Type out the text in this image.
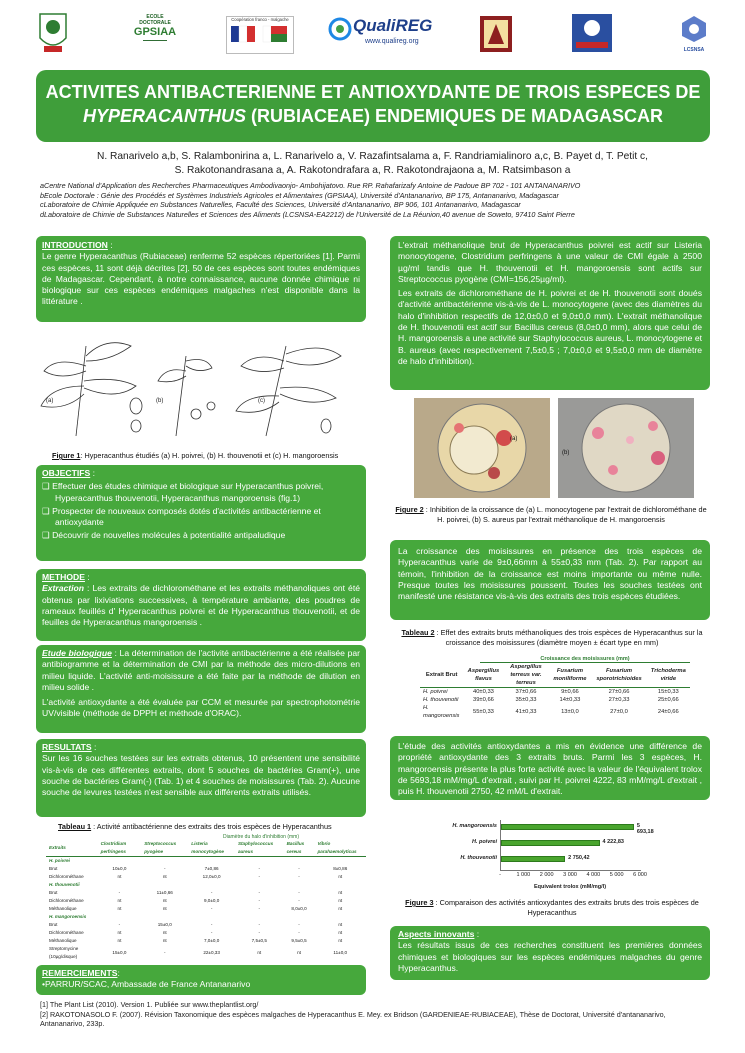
ECOLE DOCTORALE
GPSIAA
▬▬▬▬▬▬▬▬
Coopération franco - malgache	QualiREG
www.qualireg.org
LCSNSA
ACTIVITES ANTIBACTERIENNE ET ANTIOXYDANTE DE TROIS ESPECES DE
HYPERACANTHUS (RUBIACEAE) ENDEMIQUES DE MADAGASCAR
N. Ranarivelo a,b, S. Ralambonirina a, L. Ranarivelo a, V. Razafintsalama a, F. Randriamialinoro a,c, B. Payet d, T. Petit c,
S. Rakotonandrasana a, A. Rakotondrafara a, R. Rakotondrajaona a, M. Ratsimbason a
aCentre National d'Application des Recherches Pharmaceutiques Ambodivaonjo- Ambohijatovo. Rue RP. Rahafarizafy Antoine de Padoue BP 702 - 101 ANTANANARIVO
bEcole Doctorale : Génie des Procédés et Systèmes Industriels Agricoles et Alimentaires (GPSIAA), Université d'Antananarivo, BP 175, Antananarivo, Madagascar
cLaboratoire de Chimie Appliquée en Substances Naturelles, Faculté des Sciences, Université d'Antananarivo, BP 906, 101 Antananarivo, Madagascar
dLaboratoire de Chimie de Substances Naturelles et Sciences des Aliments (LCSNSA-EA2212) de l'Université de La Réunion,40 avenue de Soweto, 97410 Saint Pierre
INTRODUCTION :
Le genre Hyperacanthus (Rubiaceae) renferme 52 espèces répertoriées [1]. Parmi ces espèces, 11 sont déjà décrites [2]. 50 de ces espèces sont toutes endémiques de Madagascar. Cependant, à notre connaissance, aucune donnée chimique ni biologique sur ces espèces endémiques malgaches n'est disponible dans la littérature .
(a)	(b)	(c)
Figure 1: Hyperacanthus étudiés (a) H. poivrei, (b) H. thouvenotii et (c) H. mangoroensis
OBJECTIFS :
❑ Effectuer des études chimique et biologique sur Hyperacanthus poivrei, Hyperacanthus thouvenotii, Hyperacanthus mangoroensis (fig.1)
❑ Prospecter de nouveaux composés dotés d'activités antibactérienne et antioxydante
❑ Découvrir de nouvelles molécules à potentialité antipaludique
METHODE :
Extraction : Les extraits de dichlorométhane et les extraits méthanoliques ont été obtenus par lixiviations successives, à température ambiante, des poudres de rameaux feuillés d' Hyperacanthus poivrei et de Hyperacanthus thouvenotii, et de feuilles de Hyperacanthus mangoroensis .
Etude biologique : La détermination de l'activité antibactérienne a été réalisée par antibiogramme et la détermination de CMI par la méthode des micro-dilutions en milieu liquide. L'activité anti-moisissure a été faite par la méthode de dilution en milieu solide .
L'activité antioxydante a été évaluée par CCM et mesurée par spectrophotométrie UV/visible (méthode de DPPH et méthode d'ORAC).
RESULTATS :
Sur les 16 souches testées sur les extraits obtenus, 10 présentent une sensibilité vis-à-vis de ces différentes extraits, dont 5 souches de bactéries Gram(+), une souche de bactéries Gram(-) (Tab. 1) et 4 souches de moisissures (Tab. 2). Aucune souche de levures testées n'est sensible aux différents extraits utilisés.
Tableau 1 : Activité antibactérienne des extraits des trois espèces de Hyperacanthus
Diamètre du halo d'inhibition (mm)
Extraits	Clostridium perfringens	Streptococcus pyogène	Listeria monocytogène	Staphylococcus aureus	Bacillus cereus	Vibrio parahaemolyticus
H. poivrei						
Brut	10±0,0	-	7±0,86	-	-	8±0,86
Dichlorométhane	nt	nt	12,0±0,0	-	-	nt
H. thouvenotii						
Brut	-	11±0,66	-	-	-	nt
Dichlorométhane	nt	nt	9,0±0,0	-	-	nt
Méthanolique	nt	nt	-	-	8,0±0,0	nt
H. mangoroensis						
Brut	-	15±0,0	-	-	-	nt
Dichlorométhane	nt	nt	-	-	-	nt
Méthanolique	nt	nt	7,0±0,0	7,5±0,5	9,5±0,5	nt
Streptomycine (10µg/disque)	15±0,0	-	22±0,33	nt	nt	11±0,0

REMERCIEMENTS:
•PARRUR/SCAC, Ambassade de France Antananarivo
[1] The Plant List (2010). Version 1. Publiée sur www.theplantlist.org/
[2] RAKOTONASOLO F. (2007). Révision Taxonomique des espèces malgaches de Hyperacanthus E. Mey. ex Bridson (GARDENIEAE-RUBIACEAE), Thèse de Doctorat, Université d'antananarivo, Antananarivo, 233p.
L'extrait méthanolique brut de Hyperacanthus poivrei est actif sur Listeria monocytogene, Clostridium perfringens à une valeur de CMI égale à 2500 µg/ml tandis que H. thouvenotii et H. mangoroensis sont actifs sur Streptococcus pyogène (CMI=156,25µg/ml).
Les extraits de dichlorométhane de H. poivrei et de H. thouvenotii sont doués d'activité antibactérienne vis-à-vis de L. monocytogene (avec des diamètres du halo d'inhibition respectifs de 12,0±0,0 et 9,0±0,0 mm). L'extrait méthanolique de H. thouvenotii est actif sur Bacillus cereus (8,0±0,0 mm), alors que celui de H. mangoroensis a une activité sur Staphylococcus aureus, L. monocytogene et B. aureus (avec respectivement 7,5±0,5 ; 7,0±0,0 et 9,5±0,0 mm de diamètre de halo d'inhibition).
(a)
(b)
Figure 2 : Inhibition de la croissance de (a) L. monocytogene par l'extrait de dichlorométhane de H. poivrei, (b) S. aureus par l'extrait méthanolique de H. mangoroensis
La croissance des moisissures en présence des trois espèces de Hyperacanthus varie de 9±0,66mm à 55±0,33 mm (Tab. 2). Par rapport au témoin, l'inhibition de la croissance est moins importante ou même nulle. Presque toutes les moisissures poussent. Toutes les souches testées ont manifesté une résistance vis-à-vis des extraits des trois espèces étudiées.
Tableau 2 : Effet des extraits bruts méthanoliques des trois espèces de Hyperacanthus sur la croissance des moisissures (diamètre moyen ± écart type en mm)
Croissance des moisissures (mm)
Extrait Brut	Aspergillus flavus	Aspergillus terreus var. terreus	Fusarium moniliforme	Fusarium sporotrichioides	Trichoderma viride
H. poivrei	40±0,33	37±0,66	9±0,66	27±0,66	15±0,33
H. thouvenotii	39±0,66	35±0,33	14±0,33	27±0,33	25±0,66
H. mangoroensis	55±0,33	41±0,33	13±0,0	27±0,0	24±0,66

L'étude des activités antioxydantes a mis en évidence une différence de propriété antioxydante des 3 extraits bruts. Parmi les 3 espèces, H. mangoroensis présente la plus forte activité avec la valeur de l'équivalent trolox de 5693,18 mM/mg/L d'extrait , suivi par H. poivrei 4222, 83 mM/mg/L d'extrait , puis H. thouvenotii 2750, 42 mM/L d'extrait.
H. mangoroensis	5 693,18
H. poivrei	4 222,83
H. thouvenotii	2 750,42
-	1 000 2 000 3 000 4 000 5 000 6 000
Equivalent trolox (mM/mg/l)
Figure 3 : Comparaison des activités antioxydantes des extraits bruts des trois espèces de Hyperacanthus
Aspects innovants :
Les résultats issus de ces recherches constituent les premières données chimiques et biologiques sur les espèces endémiques malgaches du genre Hyperacanthus.
